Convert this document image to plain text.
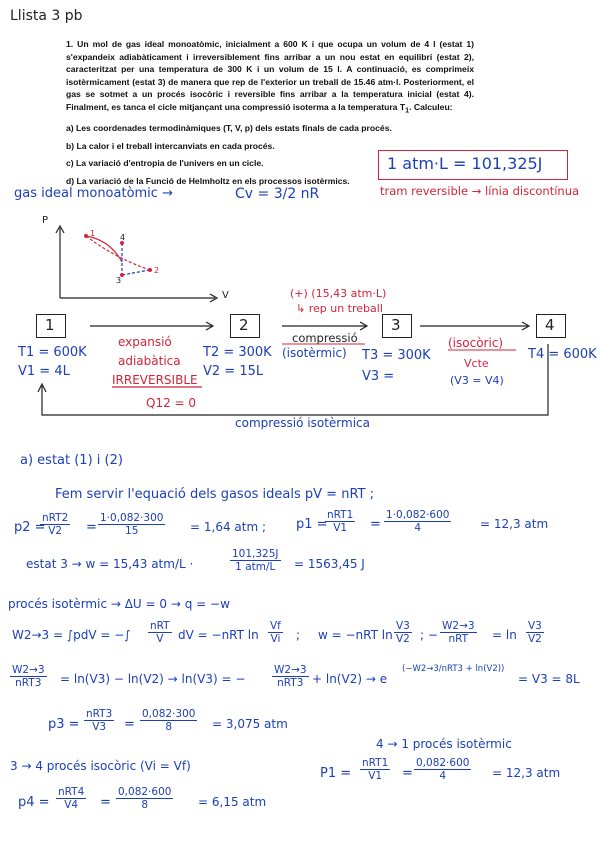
Llista 3 pb

1. Un mol de gas ideal monoatòmic, inicialment a 600 K i que ocupa un volum de 4 l (estat 1) s'expandeix adiabàticament i irreversiblement fins arribar a un nou estat en equilibri (estat 2), caracteritzat per una temperatura de 300 K i un volum de 15 l. A continuació, es comprimeix isotèrmicament (estat 3) de manera que rep de l'exterior un treball de 15.46 atm·l. Posteriorment, el gas se sotmet a un procés isocòric i reversible fins arribar a la temperatura inicial (estat 4). Finalment, es tanca el cicle mitjançant una compressió isoterma a la temperatura $T_1$. Calculeu:

a) Les coordenades termodinàmiques (T, V, p) dels estats finals de cada procés.

b) La calor i el treball intercanviats en cada procés.

c) La variació d'entropia de l'univers en un cicle.

d) La variació de la Funció de Helmholtz en els processos isotèrmics.

1 atm·L = 101,325J
tram reversible → línia discontínua
gas ideal monoatòmic →	Cv = 3/2 nR
P
V
1	4
3
2
1
T1 = 600K
V1 = 4L
2
T2 = 300K
V2 = 15L
3
T3 = 300K
V3 =
4
T4 = 600K
expansió
adiabàtica
IRREVERSIBLE
Q12 = 0
(+) (15,43 atm·L)
↳ rep un treball
compressió
(isotèrmic)
(isocòric)
Vcte
(V3 = V4)
compressió isotèrmica
a) estat (1) i (2)
Fem servir l'equació dels gasos ideals pV = nRT ;
p2 =
nRT2
V2	= $\frac{1\cdot 0,082\cdot 300}{15} = 1,64$ atm ; p1 =
nRT1
V1	= $\frac{1\cdot 0,082\cdot 600}{4} = 12,3$ atm
estat 3 → w = 15,43 atm/L ·
101,325J
1 atm/L	= 1563,45 J
procés isotèrmic → ΔU = 0 → q = −w
W2→3 = ∫pdV = −∫
nRT
V	dV = −nRT $\ln \frac{Vf}{Vi}$ ; w = −nRT $\ln \frac{V3}{V2}$ ; −
W2→3
nRT	= $\ln \frac{V3}{V2}$
W2→3
nRT3	= ln(V3) − ln(V2) → ln(V3) = −
W2→3
nRT3 + ln(V2) → e
(−W2→3/nRT3 + ln(V2))
= V3 = 8L
p3 =
nRT3
V3	= $\frac{0,082\cdot 300}{8} = 3,075$ atm
3 → 4 procés isocòric (Vi = Vf)
4 → 1 procés isotèrmic
P1 =
nRT1
V1	= $\frac{0,082\cdot 600}{4} = 12,3$ atm
p4 =
nRT4
V4	= $\frac{0,082\cdot 600}{8} = 6,15$ atm
